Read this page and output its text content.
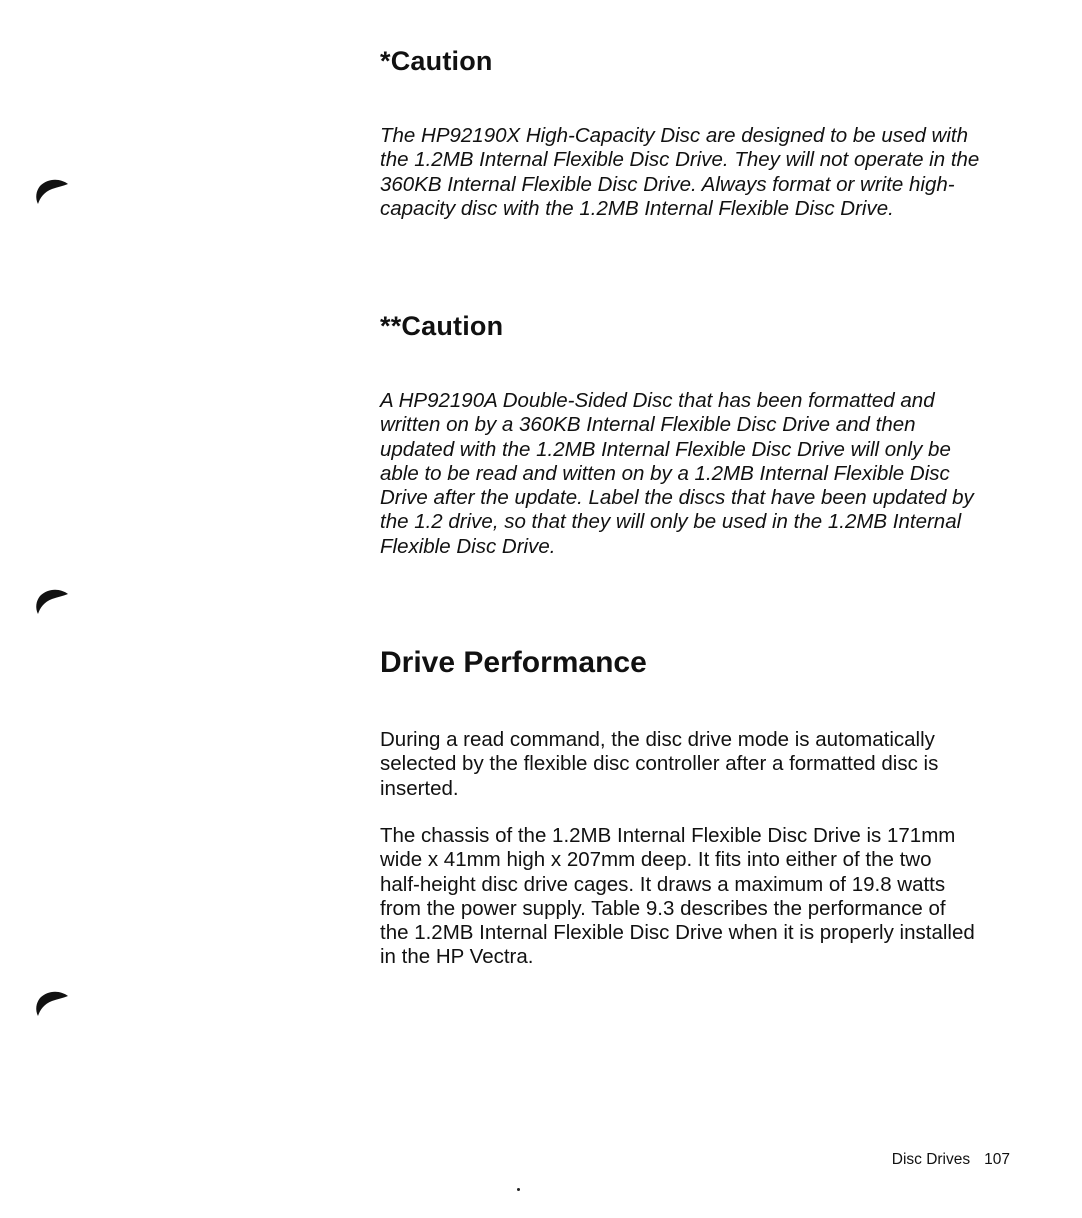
*Caution

The HP92190X High-Capacity Disc are designed to be used with
the 1.2MB Internal Flexible Disc Drive. They will not operate in the
360KB Internal Flexible Disc Drive. Always format or write high-
capacity disc with the 1.2MB Internal Flexible Disc Drive.

**Caution

A HP92190A Double-Sided Disc that has been formatted and
written on by a 360KB Internal Flexible Disc Drive and then
updated with the 1.2MB Internal Flexible Disc Drive will only be
able to be read and witten on by a 1.2MB Internal Flexible Disc
Drive after the update. Label the discs that have been updated by
the 1.2 drive, so that they will only be used in the 1.2MB Internal
Flexible Disc Drive.

Drive Performance

During a read command, the disc drive mode is automatically
selected by the flexible disc controller after a formatted disc is
inserted.

The chassis of the 1.2MB Internal Flexible Disc Drive is 171mm
wide x 41mm high x 207mm deep. It fits into either of the two
half-height disc drive cages. It draws a maximum of 19.8 watts
from the power supply. Table 9.3 describes the performance of
the 1.2MB Internal Flexible Disc Drive when it is properly installed
in the HP Vectra.

Disc Drives 107
